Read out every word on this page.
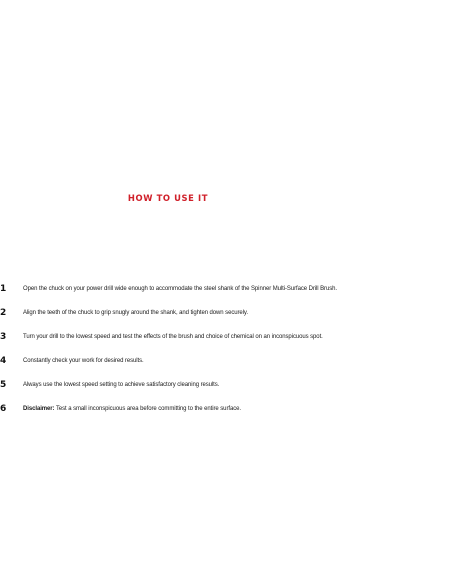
HOW TO USE IT
1	Open the chuck on your power drill wide enough to accommodate the steel shank of the Spinner Multi-Surface Drill Brush.
2	Align the teeth of the chuck to grip snugly around the shank, and tighten down securely.
3	Turn your drill to the lowest speed and test the effects of the brush and choice of chemical on an inconspicuous spot.
4	Constantly check your work for desired results.
5	Always use the lowest speed setting to achieve satisfactory cleaning results.
6	Disclaimer: Test a small inconspicuous area before committing to the entire surface.
